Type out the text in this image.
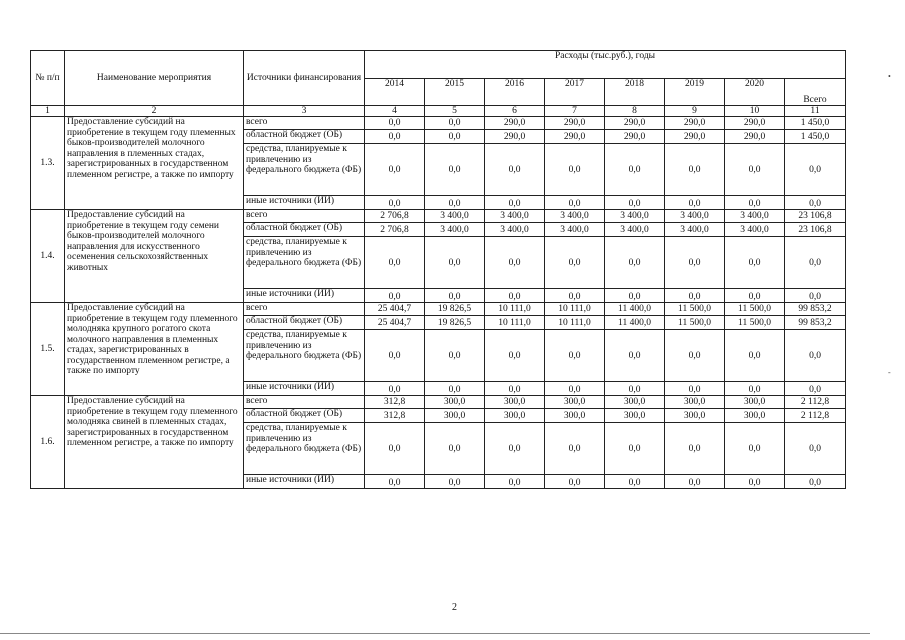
№ п/п	Наименование мероприятия	Источники финансирования	Расходы (тыс.руб.), годы							
			2014	2015	2016	2017	2018	2019	2020	Всего
1	2	3	4	5	6	7	8	9	10	11
1.3.	Предоставление субсидий на приобретение в текущем году племенных быков-производителей молочного направления в племенных стадах, зарегистрированных в государственном племенном регистре, а также по импорту	всего	0,0	0,0	290,0	290,0	290,0	290,0	290,0	1 450,0
		областной бюджет (ОБ)	0,0	0,0	290,0	290,0	290,0	290,0	290,0	1 450,0
		средства, планируемые к привлечению из федерального бюджета (ФБ)	0,0	0,0	0,0	0,0	0,0	0,0	0,0	0,0
		иные источники (ИИ)	0,0	0,0	0,0	0,0	0,0	0,0	0,0	0,0
1.4.	Предоставление субсидий на приобретение в текущем году семени быков-производителей молочного направления для искусственного осеменения сельскохозяйственных животных	всего	2 706,8	3 400,0	3 400,0	3 400,0	3 400,0	3 400,0	3 400,0	23 106,8
		областной бюджет (ОБ)	2 706,8	3 400,0	3 400,0	3 400,0	3 400,0	3 400,0	3 400,0	23 106,8
		средства, планируемые к привлечению из федерального бюджета (ФБ)	0,0	0,0	0,0	0,0	0,0	0,0	0,0	0,0
		иные источники (ИИ)	0,0	0,0	0,0	0,0	0,0	0,0	0,0	0,0
1.5.	Предоставление субсидий на приобретение в текущем году племенного молодняка крупного рогатого скота молочного направления в племенных стадах, зарегистрированных в государственном племенном регистре, а также по импорту	всего	25 404,7	19 826,5	10 111,0	10 111,0	11 400,0	11 500,0	11 500,0	99 853,2
		областной бюджет (ОБ)	25 404,7	19 826,5	10 111,0	10 111,0	11 400,0	11 500,0	11 500,0	99 853,2
		средства, планируемые к привлечению из федерального бюджета (ФБ)	0,0	0,0	0,0	0,0	0,0	0,0	0,0	0,0
		иные источники (ИИ)	0,0	0,0	0,0	0,0	0,0	0,0	0,0	0,0
1.6.	Предоставление субсидий на приобретение в текущем году племенного молодняка свиней в племенных стадах, зарегистрированных в государственном племенном регистре, а также по импорту	всего	312,8	300,0	300,0	300,0	300,0	300,0	300,0	2 112,8
		областной бюджет (ОБ)	312,8	300,0	300,0	300,0	300,0	300,0	300,0	2 112,8
		средства, планируемые к привлечению из федерального бюджета (ФБ)	0,0	0,0	0,0	0,0	0,0	0,0	0,0	0,0
		иные источники (ИИ)	0,0	0,0	0,0	0,0	0,0	0,0	0,0	0,0
2
•
-
